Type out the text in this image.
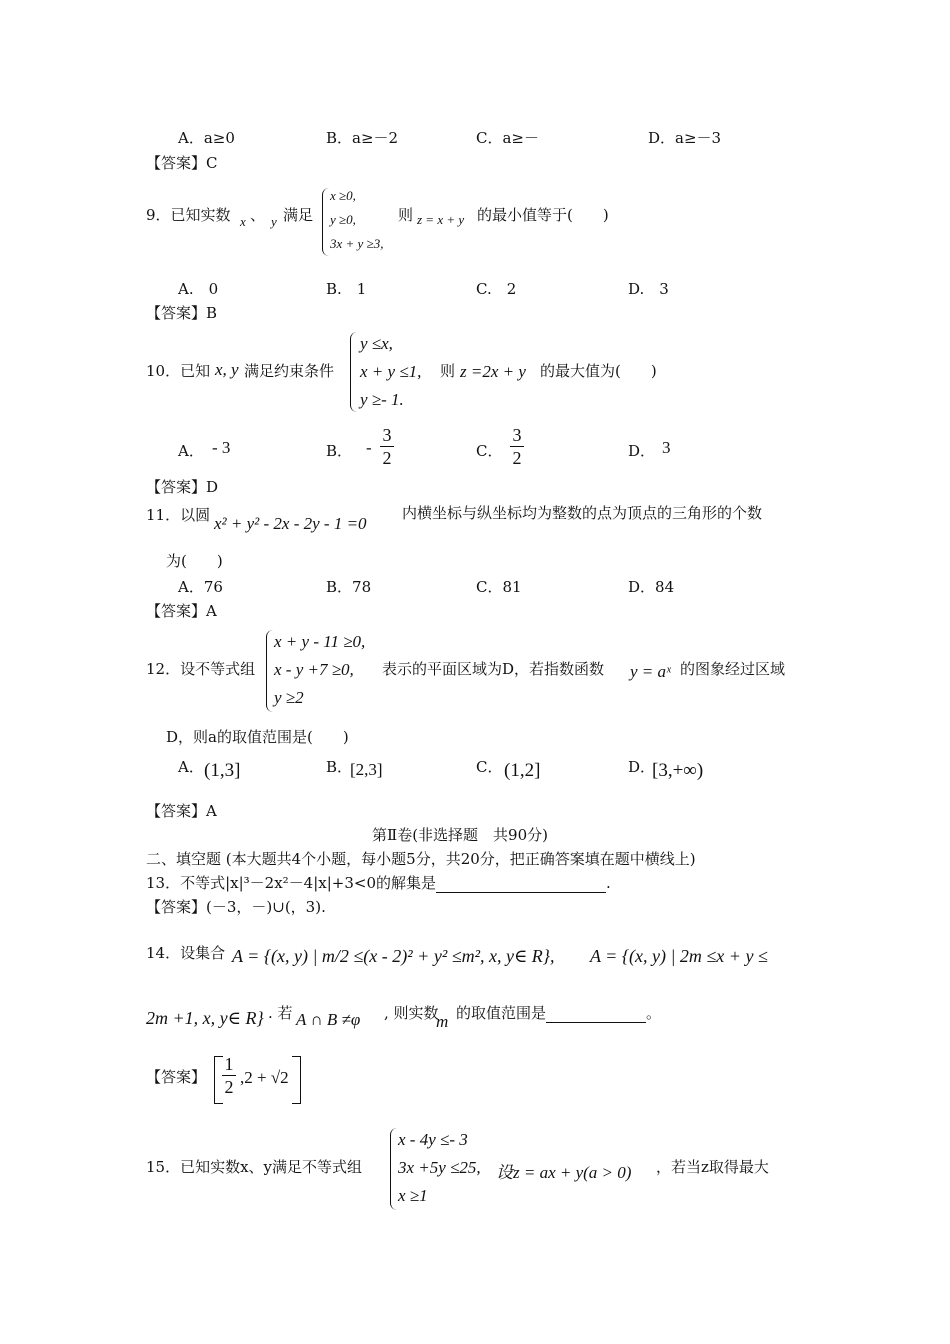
A．a≥0	B．a≥－2	C．a≥－	D．a≥－3
【答案】C
9．已知实数 x 、 y 满足
x ≥0,
y ≥0,
3x + y ≥3,
则 z = x + y 的最小值等于(　　)
A.　0	B.　1	C.　2	D.　3
【答案】B
10．已知 x, y 满足约束条件
y ≤x,
x + y ≤1,
y ≥- 1.
则 z =2x + y 的最大值为(　　)
A． - 3	B． -
3
2	C．
3
2	D． 3
【答案】D
11．以圆 x² + y² - 2x - 2y - 1 =0
内横坐标与纵坐标均为整数的点为顶点的三角形的个数
为(　　)
A．76	B．78	C．81	D．84
【答案】A
12．设不等式组
x + y - 11 ≥0,
x - y +7 ≥0,
y ≥2
表示的平面区域为D，若指数函数 y = aˣ 的图象经过区域
D，则a的取值范围是(　　)
A． (1,3]	B．
[2,3]	C． (1,2]	D．
[3,+∞)
【答案】A
第Ⅱ卷(非选择题　共90分)
二、填空题 (本大题共4个小题，每小题5分，共20分，把正确答案填在题中横线上)
13．不等式|x|³－2x²－4|x|+3<0的解集是	.
【答案】(－3，－)∪(，3).
14．设集合 A = {(x, y) | m/2 ≤(x - 2)² + y² ≤m², x, y∈ R}, A = {(x, y) | 2m ≤x + y ≤
2m +1, x, y∈ R} . 若 A ∩ B ≠φ , 则实数
m 的取值范围是	。
【答案】
1
2 ,2 + √2
15．已知实数x、y满足不等式组
x - 4y ≤- 3
3x +5y ≤25, 设z = ax + y(a > 0)
x ≥1
，若当z取得最大
